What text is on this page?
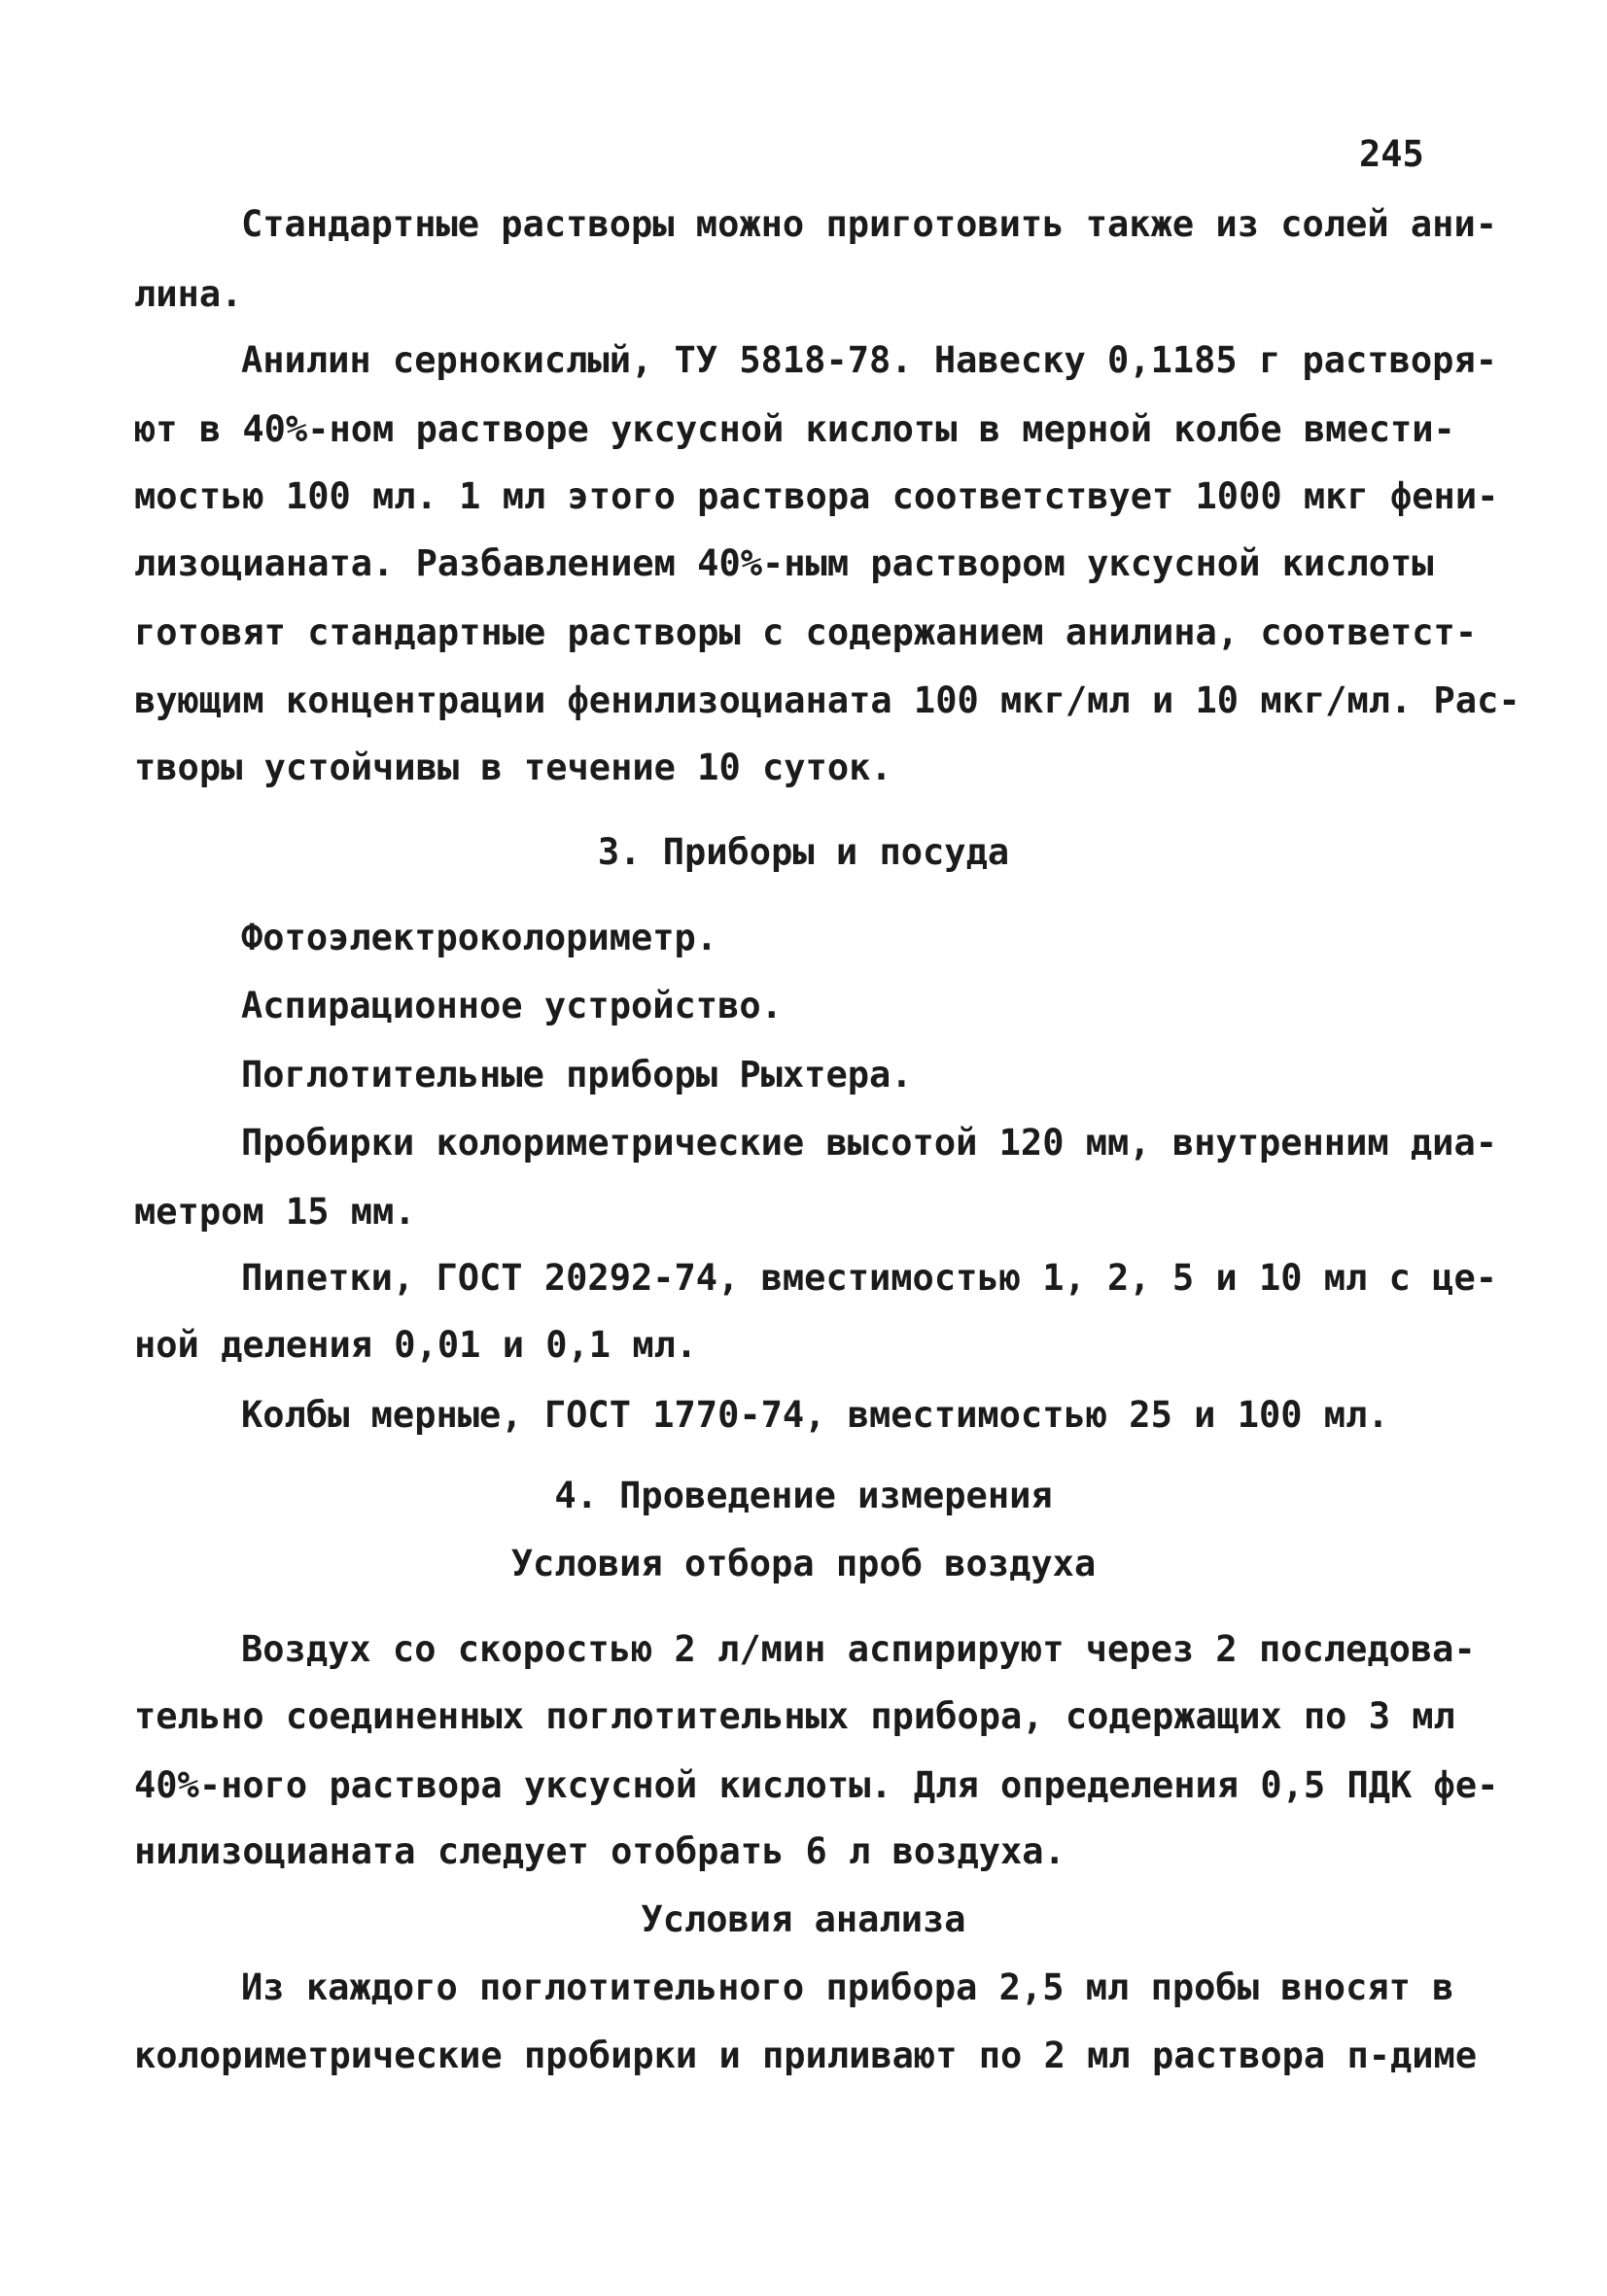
245
Стандартные растворы можно приготовить также из солей ани-
лина.
Анилин сернокислый, ТУ 5818-78. Навеску 0,1185 г растворя-
ют в 40%-ном растворе уксусной кислоты в мерной колбе вмести-
мостью 100 мл. 1 мл этого раствора соответствует 1000 мкг фени-
лизоцианата. Разбавлением 40%-ным раствором уксусной кислоты
готовят стандартные растворы с содержанием анилина, соответст-
вующим концентрации фенилизоцианата 100 мкг/мл и 10 мкг/мл. Рас-
творы устойчивы в течение 10 суток.
3. Приборы и посуда
Фотоэлектроколориметр.
Аспирационное устройство.
Поглотительные приборы Рыхтера.
Пробирки колориметрические высотой 120 мм, внутренним диа-
метром 15 мм.
Пипетки, ГОСТ 20292-74, вместимостью 1, 2, 5 и 10 мл с це-
ной деления 0,01 и 0,1 мл.
Колбы мерные, ГОСТ 1770-74, вместимостью 25 и 100 мл.
4. Проведение измерения
Условия отбора проб воздуха
Воздух со скоростью 2 л/мин аспирируют через 2 последова-
тельно соединенных поглотительных прибора, содержащих по 3 мл
40%-ного раствора уксусной кислоты. Для определения 0,5 ПДК фе-
нилизоцианата следует отобрать 6 л воздуха.
Условия анализа
Из каждого поглотительного прибора 2,5 мл пробы вносят в
колориметрические пробирки и приливают по 2 мл раствора п-диме
